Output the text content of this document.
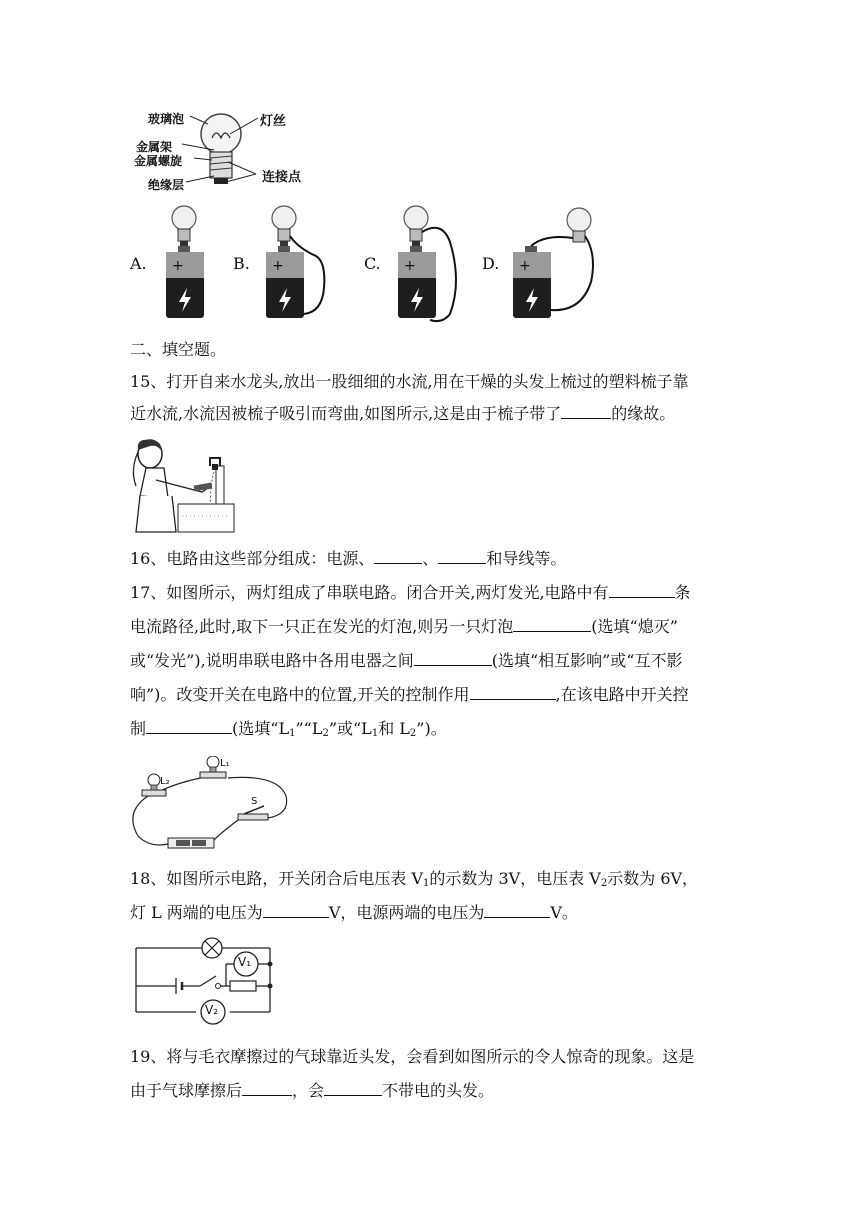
玻璃泡	灯丝
金属架
金属螺旋
连接点
绝缘层
A.	B.	C.	D.
+	+	+	+
二、填空题。
15、打开自来水龙头,放出一股细细的水流,用在干燥的头发上梳过的塑料梳子靠
近水流,水流因被梳子吸引而弯曲,如图所示,这是由于梳子带了	的缘故。
16、电路由这些部分组成：电源、	、	和导线等。
17、如图所示，两灯组成了串联电路。闭合开关,两灯发光,电路中有	条
电流路径,此时,取下一只正在发光的灯泡,则另一只灯泡	(选填“熄灭”
或“发光”),说明串联电路中各用电器之间	(选填“相互影响”或“互不影
响”)。改变开关在电路中的位置,开关的控制作用	,在该电路中开关控
制	(选填“$L_1”“L_2$”或“$L_1$和 $L_2$”)。
L₂
L₁
S
18、如图所示电路，开关闭合后电压表 $V_1$的示数为 3V，电压表 $V_2$示数为 6V，
灯 L 两端的电压为	V，电源两端的电压为	V。
V₁
V₂
19、将与毛衣摩擦过的气球靠近头发，会看到如图所示的令人惊奇的现象。这是
由于气球摩擦后	，会	不带电的头发。
